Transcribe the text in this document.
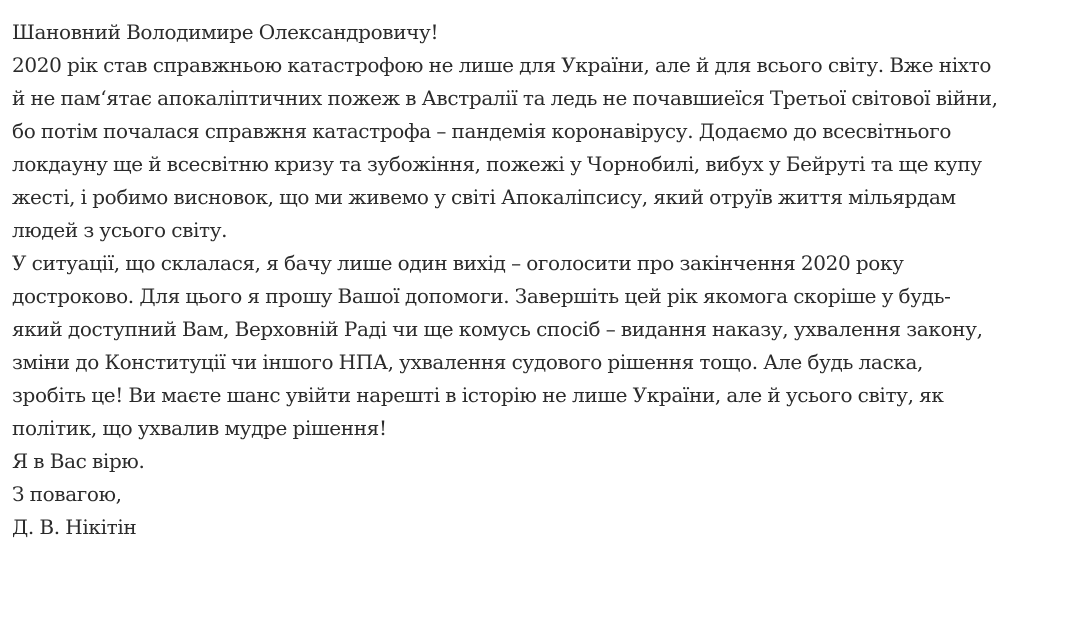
Шановний Володимире Олександровичу!
2020 рік став справжньою катастрофою не лише для України, але й для всього світу. Вже ніхто
й не пам‘ятає апокаліптичних пожеж в Австралії та ледь не почавшиеїся Третьої світової війни,
бо потім почалася справжня катастрофа – пандемія коронавірусу. Додаємо до всесвітнього
локдауну ще й всесвітню кризу та зубожіння, пожежі у Чорнобилі, вибух у Бейруті та ще купу
жесті, і робимо висновок, що ми живемо у світі Апокаліпсису, який отруїв життя мільярдам
людей з усього світу.
У ситуації, що склалася, я бачу лише один вихід – оголосити про закінчення 2020 року
достроково. Для цього я прошу Вашої допомоги. Завершіть цей рік якомога скоріше у будь-
який доступний Вам, Верховній Раді чи ще комусь спосіб – видання наказу, ухвалення закону,
зміни до Конституції чи іншого НПА, ухвалення судового рішення тощо. Але будь ласка,
зробіть це! Ви маєте шанс увійти нарешті в історію не лише України, але й усього світу, як
політик, що ухвалив мудре рішення!
Я в Вас вірю.
З повагою,
Д. В. Нікітін
